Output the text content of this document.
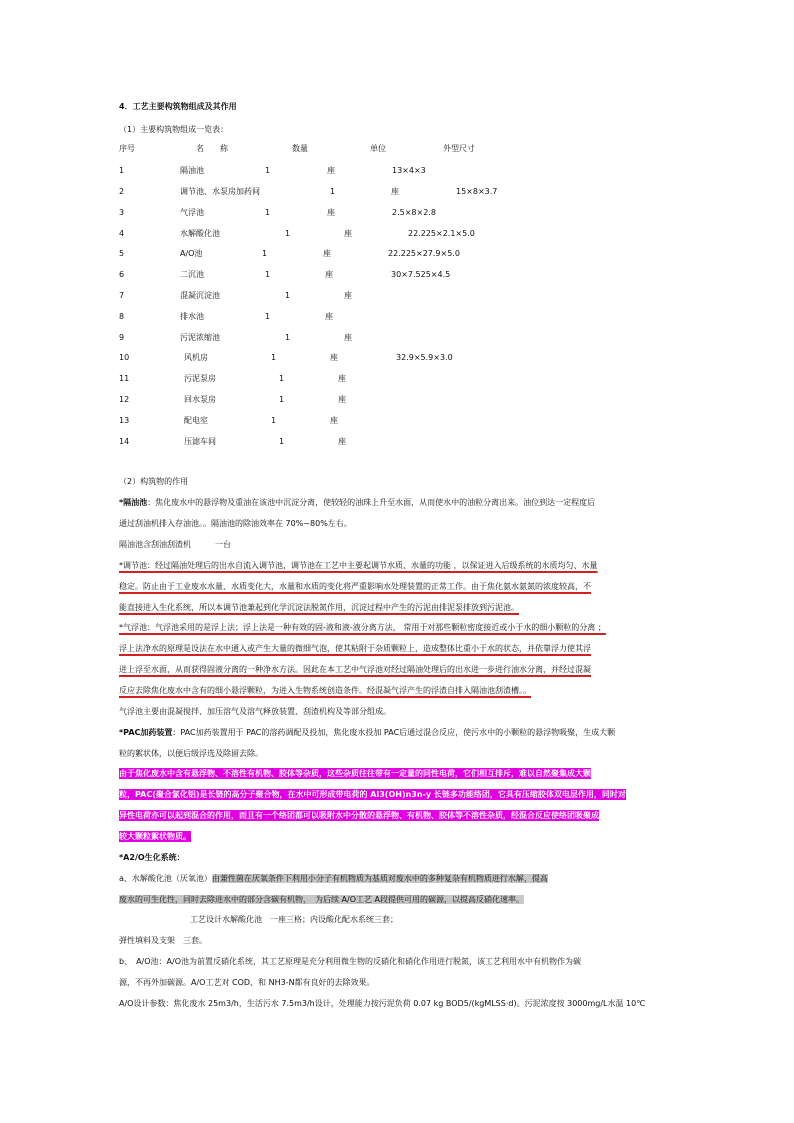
4．工艺主要构筑物组成及其作用
（1）主要构筑物组成一览表：
序号	名　　称	数量	单位	外型尺寸
1	隔油池	1	座	13×4×3
2	调节池、水泵房加药间	1	座	15×8×3.7
3	气浮池	1	座	2.5×8×2.8
4	水解酸化池	1	座	22.225×2.1×5.0
5	A/O池	1	座	22.225×27.9×5.0
6	二沉池	1	座	30×7.525×4.5
7	混凝沉淀池	1	座
8	排水池	1	座
9	污泥浓缩池	1	座
10	风机房	1	座	32.9×5.9×3.0
11	污泥泵房	1	座
12	回水泵房	1	座
13	配电室	1	座
14	压滤车间	1	座
（2）构筑物的作用
*隔油池：焦化废水中的悬浮物及重油在该池中沉淀分离，使较轻的油珠上升至水面，从而使水中的油粒分离出来。油位到达一定程度后
通过刮油机排入存油池。。隔油池的除油效率在 70%~80%左右。
隔油池含刮油刮渣机　　　一台
*调节池：经过隔油处理后的出水自流入调节池，调节池在工艺中主要起调节水质、水量的功能 ，以保证进入后级系统的水质均匀、水量
稳定。防止由于工业废水水量、水质变化大，水量和水质的变化将严重影响水处理装置的正常工作。由于焦化氨水氨氮的浓度较高，不
能直接进入生化系统，所以本调节池兼起到化学沉淀法脱氮作用，沉淀过程中产生的污泥由排泥泵排放到污泥池。
*气浮池：气浮池采用的是浮上法；浮上法是一种有效的固-液和液-液分离方法， 常用于对那些颗粒密度接近或小于水的细小颗粒的分离 ；
浮上法净水的原理是设法在水中通入或产生大量的微细气泡，使其粘附于杂质颗粒上，造成整体比重小于水的状态，并依靠浮力使其浮
进上浮至水面，从而获得固液分离的一种净水方法。因此在本工艺中气浮池对经过隔油处理后的出水进一步进行油水分离，并经过混凝
反应去除焦化废水中含有的细小悬浮颗粒，为进入生物系统创造条件。经混凝气浮产生的浮渣自排入隔油池刮渣槽。。
气浮池主要由混凝搅拌、加压溶气及溶气释放装置、刮渣机构及等部分组成。
*PAC加药装置：PAC加药装置用于 PAC的溶药调配及投加，焦化废水投加 PAC后通过混合反应，使污水中的小颗粒的悬浮物吸聚，生成大颗
粒的絮状体，以便后级浮选及除留去除。
由于焦化废水中含有悬浮物、不溶性有机物、胶体等杂质，这些杂质往往带有一定量的同性电荷，它们相互排斥，难以自然聚集成大颗
粒，PAC(聚合氯化铝)是长链的高分子聚合物，在水中可形成带电荷的 Al3(OH)n3n-y 长链多功能络团，它具有压缩胶体双电层作用，同时对
异性电荷亦可以起到混合的作用，而且有一个络团都可以吸附水中分散的悬浮物、有机物、胶体等不溶性杂质，经混合反应使络团吸聚成
较大颗粒絮状物质。
*A2/O生化系统：
a、水解酸化池（厌氧池）由兼性菌在厌氧条件下利用小分子有机物质为基质对废水中的多种复杂有机物质进行水解，提高
废水的可生化性，同时去除进水中的部分含碳有机物，　为后续 A/O工艺 A段提供可用的碳源，以提高反硝化速率。
工艺设计水解酸化池　一座三格；内设酸化配水系统三套；
弹性填料及支架　三套。
b、　A/O池：A/O池为前置反硝化系统，其工艺原理是充分利用微生物的反硝化和硝化作用进行脱氮，该工艺利用水中有机物作为碳
源，不再外加碳源。A/O工艺对 COD、和 NH3-N都有良好的去除效果。
A/O设计参数：焦化废水 25m3/h，生活污水 7.5m3/h设计，处理能力按污泥负荷 0.07 kg BOD5/(kgMLSS·d)。污泥浓度按 3000mg/L水温 10℃
